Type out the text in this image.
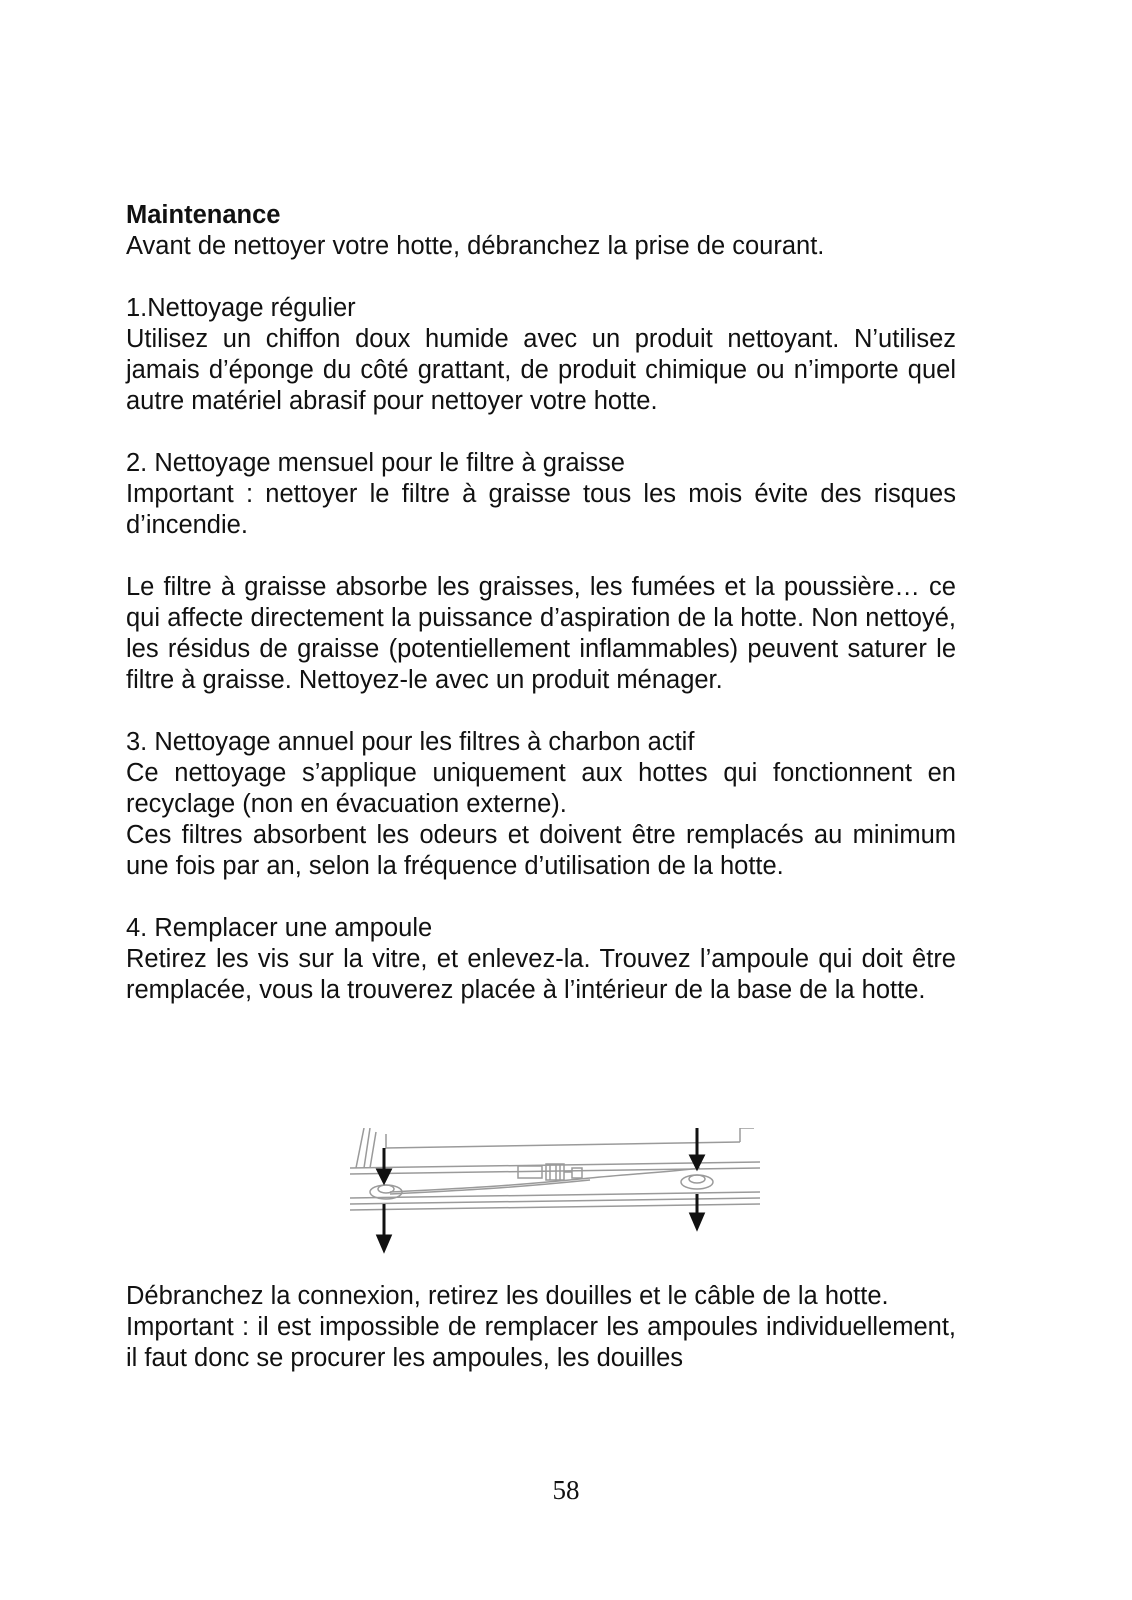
Maintenance

Avant de nettoyer votre hotte, débranchez la prise de courant.

1.Nettoyage régulier

Utilisez un chiffon doux humide avec un produit nettoyant. N’utilisez jamais d’éponge du côté grattant, de produit chimique ou n’importe quel autre matériel abrasif pour nettoyer votre hotte.

2. Nettoyage mensuel pour le filtre à graisse

Important : nettoyer le filtre à graisse tous les mois évite des risques d’incendie.

Le filtre à graisse absorbe les graisses, les fumées et la poussière… ce qui affecte directement la puissance d’aspiration de la hotte. Non nettoyé, les résidus de graisse (potentiellement inflammables) peuvent saturer le filtre à graisse. Nettoyez-le avec un produit ménager.

3. Nettoyage annuel pour les filtres à charbon actif

Ce nettoyage s’applique uniquement aux hottes qui fonctionnent en recyclage (non en évacuation externe).

Ces filtres absorbent les odeurs et doivent être remplacés au minimum une fois par an, selon la fréquence d’utilisation de la hotte.

4. Remplacer une ampoule

Retirez les vis sur la vitre, et enlevez-la. Trouvez l’ampoule qui doit être remplacée, vous la trouverez placée à l’intérieur de la base de la hotte.

Débranchez la connexion, retirez les douilles et le câble de la hotte.

Important : il est impossible de remplacer les ampoules individuellement, il faut donc se procurer les ampoules, les douilles

58
